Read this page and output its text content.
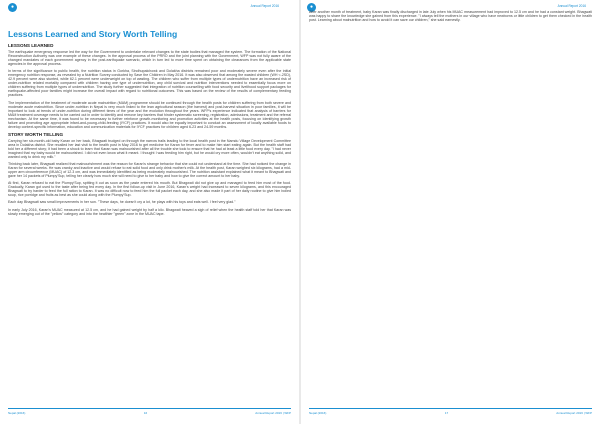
●	Annual Report 2016
Lessons Learned and Story Worth Telling
LESSONS LEARNED

The earthquake emergency response led the way for the Government to undertake relevant changes to the state bodies that managed the system. The formation of the National Reconstruction Authority was one example of these changes. In the approval process of the PRRO and the joint planning with the Government, WFP was not fully aware of the changed mandates of each government agency in the post-earthquake scenario, which in turn led to more time spent on obtaining the clearances from the applicable state agencies in the approval process.

In terms of the significance to public health, the nutrition status in Gorkha, Sindhupalchowk and Dolakha districts remained poor and moderately severe even after the initial emergency nutrition response, as revealed by a Nutrition Survey conducted by Save the Children in May 2016. It was also observed that among the wasted children (WH <-2SD), 42.9 percent were also stunted, while 62.1 percent were underweight on top of wasting. The children who suffer from multiple types of undernutrition have an increased risk of under-nutrition related mortality compared with children having one type of undernutrition, any child survival and nutrition interventions needed to essentially focus more on children suffering from multiple types of undernutrition. The study further suggested that integration of nutrition counselling with food security and livelihood support packages for earthquake-affected poor families might increase the overall impact with regard to nutritional outcomes. This was based on the review of the results of complementary feeding practices.

The implementation of the treatment of moderate acute malnutrition (MAM) programme should be continued through the health posts for children suffering from both severe and moderate acute malnutrition. Since under-nutrition in Nepal is very much linked to the lean agricultural season (the harvest) and post-harvest situation in poor families, it will be important to look at trends of under-nutrition during different times of the year and the evolution throughout the years. WFP's experience indicated that analysis of barriers for MAM treatment coverage needs to be carried out in order to identify and remove key barriers that hinder systematic screening, registration, admissions, treatment and the referral mechanism. At the same time, it was found to be necessary to further reinforce growth-monitoring and promotion activities at the health posts, focusing on identifying growth failure and promoting age appropriate infant-and-young-child-feeding (IYCF) practices. It would also be equally important to conduct an assessment of locally available foods to develop context-specific information, education and communication materials for IYCF practices for children aged 6-23 and 24-59 months.

STORY WORTH TELLING

Carrying her six-month-old baby Karan on her back, Bhagwati trudged on through the narrow trails leading to the local health post in the Namdu Village Development Committee area in Dolakha district. She recalled her last visit to the health post in May 2016 to get medicine for Karan for fever and to make him start eating again. But the health staff had told her a different story; it had been a shock to learn that Karan was malnourished after all the trouble she took to ensure that he had at least a little food every day. "I had never imagined that my baby would be malnourished. I did not even know what it meant. I thought I was feeding him right, but he would cry more often, wouldn't eat anything solid, and wanted only to drink my milk."

Thinking back later, Bhagwati realized that malnourishment was the reason for Karan's strange behavior that she could not understand at the time. She had noticed the change in Karan for several weeks. He was cranky and inactive and would refuse to eat solid food and only drink mother's milk. At the health post, Karan weighed six kilograms, had a mid-upper arm circumference (MUAC) of 12.3 cm, and was immediately identified as being moderately malnourished. The nutrition assistant explained what it meant to Bhagwati and gave her 14 packets of Plumpy'Sup, telling her clearly how much she will need to give to her baby and how to give the correct amount to her baby.

At first, Karan refused to eat the Plumpy'Sup, spitting it out as soon as the paste entered his mouth. But Bhagwati did not give up and managed to feed him most of the food. Gradually, Karan got used to the taste after being fed every day. In the first follow-up visit in June 2016, Karan's weight had increased to seven kilograms, and this encouraged Bhagwati to try harder to feed the full ration to Karan. It was no difficult now to feed him the full packet each day, and she also made it part of her daily routine to give him boiled soup, rice porridge and fruits as best as she could along with the Plumpy'Sup.

Each day Bhagwati saw small improvements in her son. "These days, he doesn't cry a lot, he plays with his toys and eats well. I feel very glad."

In early July 2016, Karan's MUAC measured at 12.5 cm, and he had gained weight by half a kilo. Bhagwati heaved a sigh of relief when the health staff told her that Karan was slowly emerging out of the "yellow" category and into the healthier "green" zone in the MUAC tape.

Nepal (2016)	16	Annual Report 2016 | WFP
●	Annual Report 2016

After another month of treatment, baby Karan was finally discharged in late July when his MUAC measurement had improved to 12.5 cm and he had a constant weight. Bhagwati was happy to share the knowledge she gained from this experience. "I always tell the mothers in our village who have newborns or little children to get them checked in the health post. Learning about malnutrition and how to avoid it can save our children," she said earnestly.

Nepal (2016)	17	Annual Report 2016 | WFP
